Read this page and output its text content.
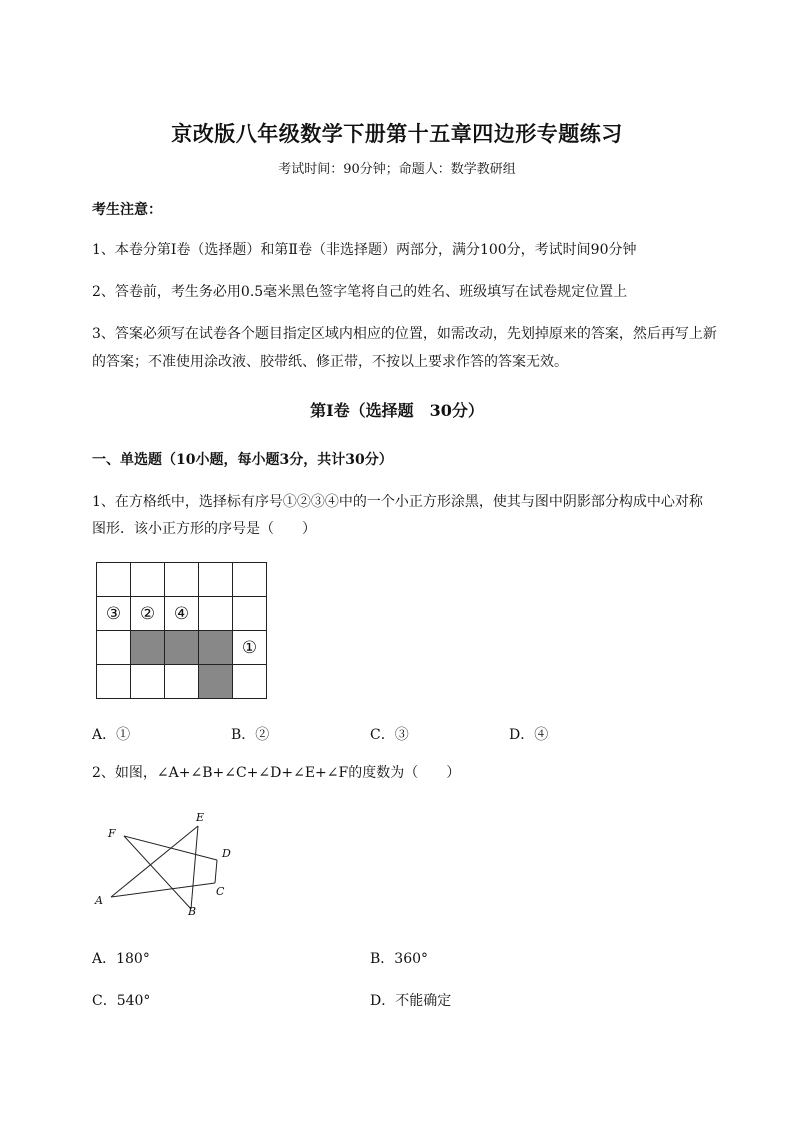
京改版八年级数学下册第十五章四边形专题练习
考试时间：90分钟；命题人：数学教研组
考生注意：
1、本卷分第I卷（选择题）和第Ⅱ卷（非选择题）两部分，满分100分，考试时间90分钟
2、答卷前，考生务必用0.5毫米黑色签字笔将自己的姓名、班级填写在试卷规定位置上
3、答案必须写在试卷各个题目指定区域内相应的位置，如需改动，先划掉原来的答案，然后再写上新
的答案；不准使用涂改液、胶带纸、修正带，不按以上要求作答的答案无效。
第I卷（选择题　30分）
一、单选题（10小题，每小题3分，共计30分）
1、在方格纸中，选择标有序号①②③④中的一个小正方形涂黑，使其与图中阴影部分构成中心对称
图形．该小正方形的序号是（　　）

③	②	④		
				①

A．①	B．②	C．③	D．④
2、如图，∠A+∠B+∠C+∠D+∠E+∠F的度数为（　　）
F
E
D
C
A
B
A．180°	B．360°
C．540°	D．不能确定
